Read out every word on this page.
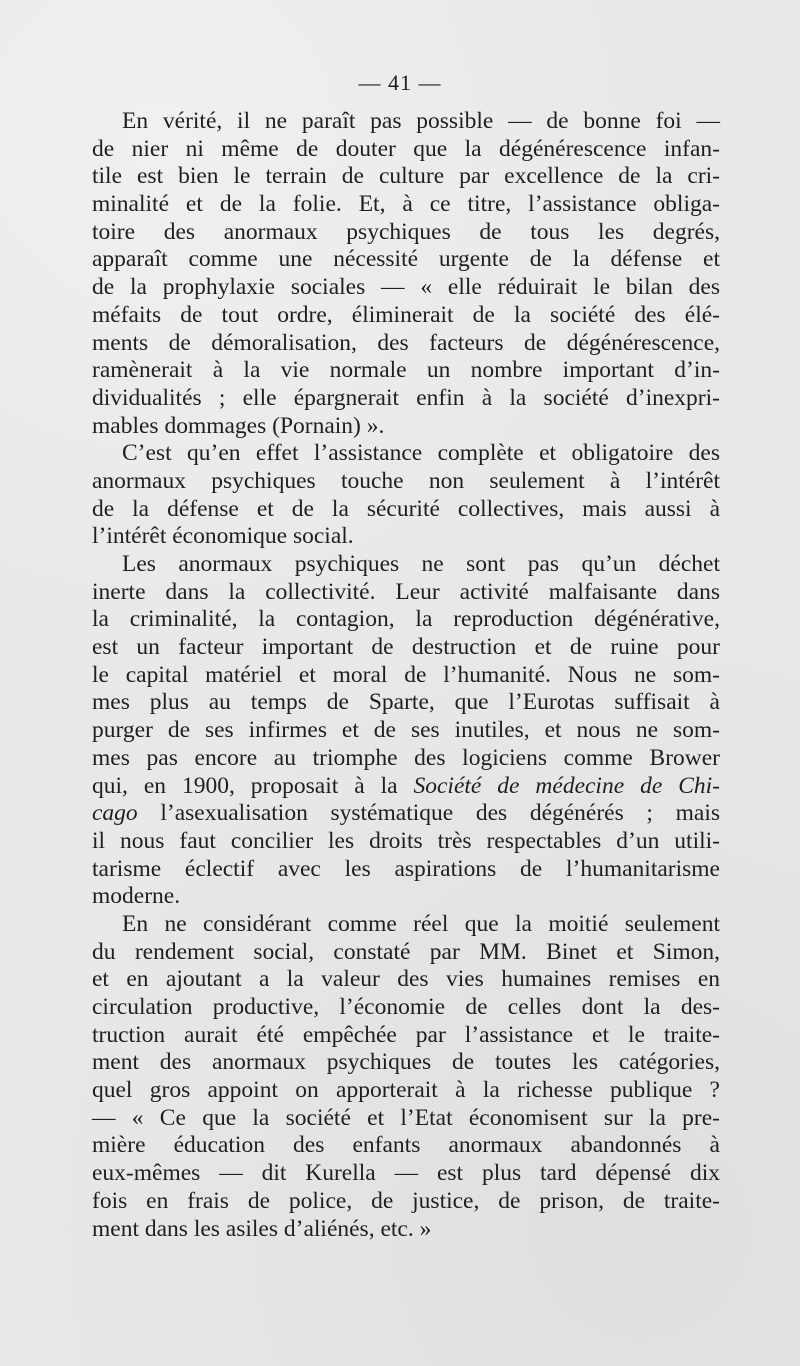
— 41 —
En vérité, il ne paraît pas possible — de bonne foi —
de nier ni même de douter que la dégénérescence infan-
tile est bien le terrain de culture par excellence de la cri-
minalité et de la folie. Et, à ce titre, l’assistance obliga-
toire des anormaux psychiques de tous les degrés,
apparaît comme une nécessité urgente de la défense et
de la prophylaxie sociales — « elle réduirait le bilan des
méfaits de tout ordre, éliminerait de la société des élé-
ments de démoralisation, des facteurs de dégénérescence,
ramènerait à la vie normale un nombre important d’in-
dividualités ; elle épargnerait enfin à la société d’inexpri-
mables dommages (Pornain) ».
C’est qu’en effet l’assistance complète et obligatoire des
anormaux psychiques touche non seulement à l’intérêt
de la défense et de la sécurité collectives, mais aussi à
l’intérêt économique social.
Les anormaux psychiques ne sont pas qu’un déchet
inerte dans la collectivité. Leur activité malfaisante dans
la criminalité, la contagion, la reproduction dégénérative,
est un facteur important de destruction et de ruine pour
le capital matériel et moral de l’humanité. Nous ne som-
mes plus au temps de Sparte, que l’Eurotas suffisait à
purger de ses infirmes et de ses inutiles, et nous ne som-
mes pas encore au triomphe des logiciens comme Brower
qui, en 1900, proposait à la Société de médecine de Chi-
cago l’asexualisation systématique des dégénérés ; mais
il nous faut concilier les droits très respectables d’un utili-
tarisme éclectif avec les aspirations de l’humanitarisme
moderne.
En ne considérant comme réel que la moitié seulement
du rendement social, constaté par MM. Binet et Simon,
et en ajoutant a la valeur des vies humaines remises en
circulation productive, l’économie de celles dont la des-
truction aurait été empêchée par l’assistance et le traite-
ment des anormaux psychiques de toutes les catégories,
quel gros appoint on apporterait à la richesse publique ?
— « Ce que la société et l’Etat économisent sur la pre-
mière éducation des enfants anormaux abandonnés à
eux-mêmes — dit Kurella — est plus tard dépensé dix
fois en frais de police, de justice, de prison, de traite-
ment dans les asiles d’aliénés, etc. »
